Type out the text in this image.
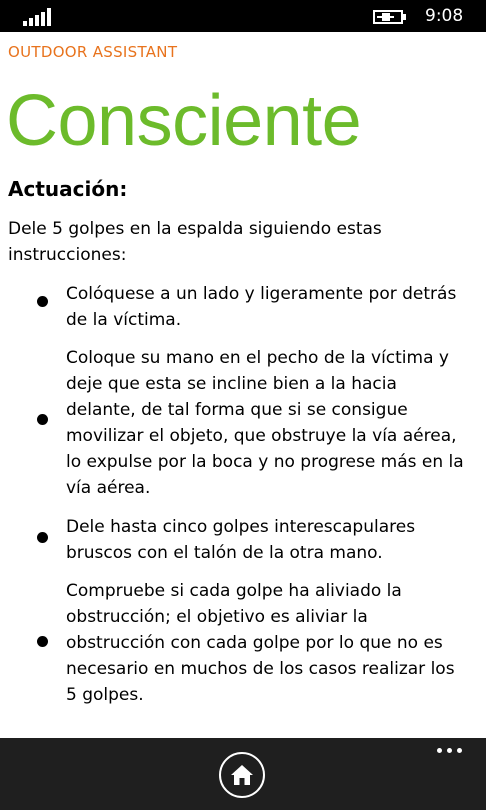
9:08
OUTDOOR ASSISTANT
Consciente
Actuación:
Dele 5 golpes en la espalda siguiendo estas instrucciones:
Colóquese a un lado y ligeramente por detrás de la víctima.
Coloque su mano en el pecho de la víctima y deje que esta se incline bien a la hacia delante, de tal forma que si se consigue movilizar el objeto, que obstruye la vía aérea, lo expulse por la boca y no progrese más en la vía aérea.
Dele hasta cinco golpes interescapulares bruscos con el talón de la otra mano.
Compruebe si cada golpe ha aliviado la obstrucción; el objetivo es aliviar la obstrucción con cada golpe por lo que no es necesario en muchos de los casos realizar los 5 golpes.
